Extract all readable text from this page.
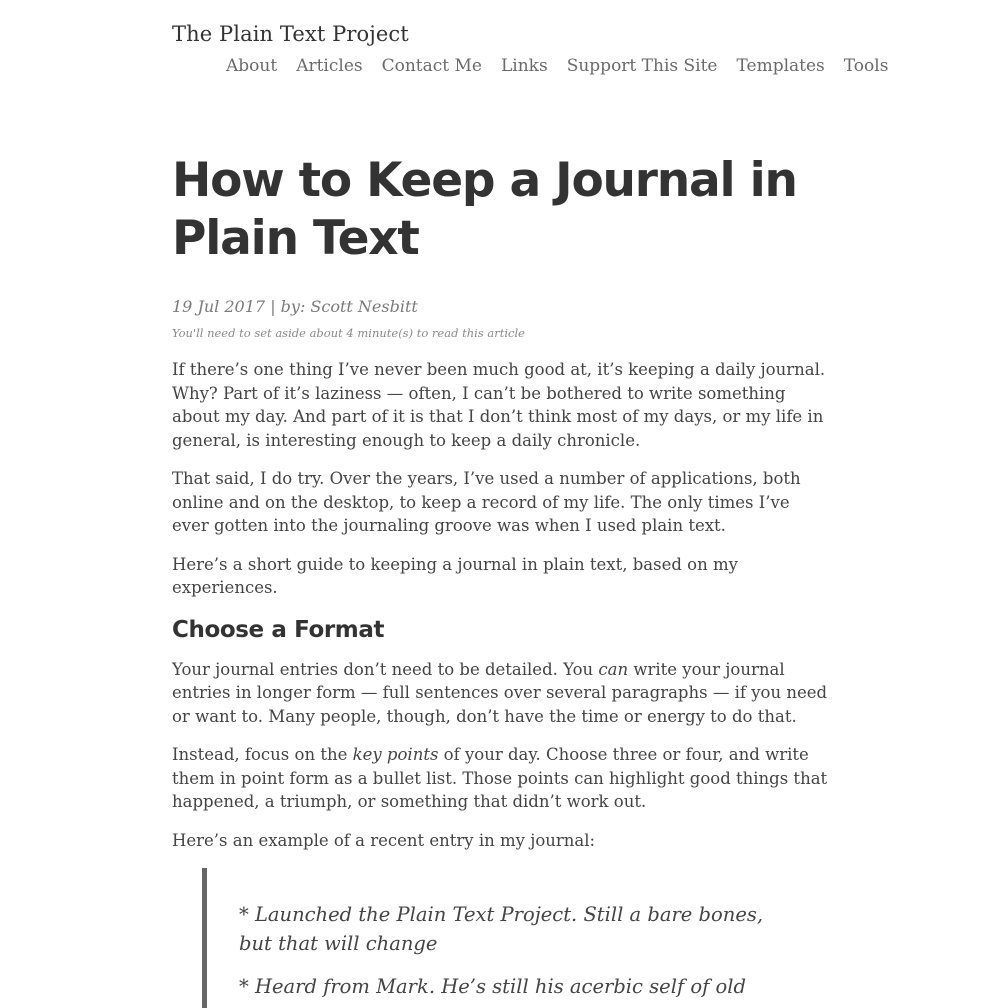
The Plain Text Project
About Articles Contact Me Links Support This Site Templates Tools
How to Keep a Journal in Plain Text
19 Jul 2017 | by: Scott Nesbitt
You'll need to set aside about 4 minute(s) to read this article

If there’s one thing I’ve never been much good at, it’s keeping a daily journal. Why? Part of it’s laziness — often, I can’t be bothered to write something about my day. And part of it is that I don’t think most of my days, or my life in general, is interesting enough to keep a daily chronicle.

That said, I do try. Over the years, I’ve used a number of applications, both online and on the desktop, to keep a record of my life. The only times I’ve ever gotten into the journaling groove was when I used plain text.

Here’s a short guide to keeping a journal in plain text, based on my experiences.

Choose a Format

Your journal entries don’t need to be detailed. You can write your journal entries in longer form — full sentences over several paragraphs — if you need or want to. Many people, though, don’t have the time or energy to do that.

Instead, focus on the key points of your day. Choose three or four, and write them in point form as a bullet list. Those points can highlight good things that happened, a triumph, or something that didn’t work out.

Here’s an example of a recent entry in my journal:

* Launched the Plain Text Project. Still a bare bones, but that will change

* Heard from Mark. He’s still his acerbic self of old
